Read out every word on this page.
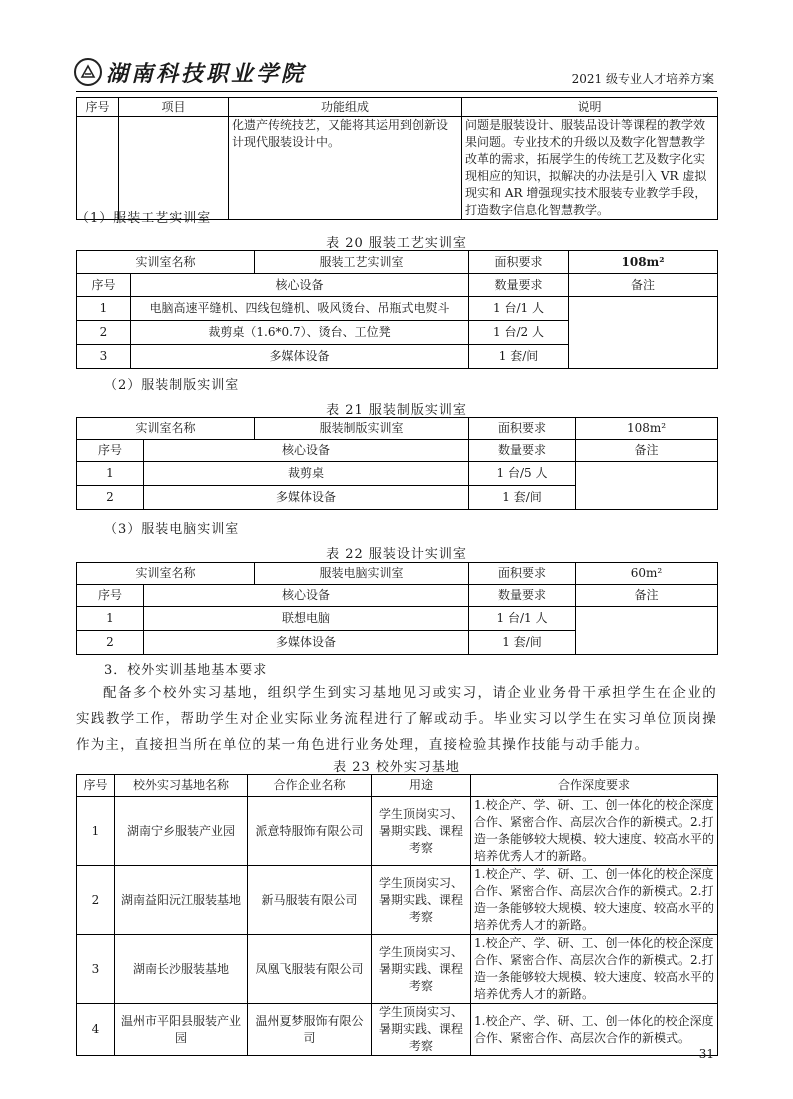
湖南科技职业学院	2021 级专业人才培养方案
序号	项目	功能组成	说明
		化遗产传统技艺，又能将其运用到创新设计现代服装设计中。	问题是服装设计、服装品设计等课程的教学效果问题。专业技术的升级以及数字化智慧教学改革的需求，拓展学生的传统工艺及数字化实现相应的知识，拟解决的办法是引入 VR 虚拟现实和 AR 增强现实技术服装专业教学手段，打造数字信息化智慧教学。
（1）服装工艺实训室
表 20 服装工艺实训室
实训室名称		服装工艺实训室	面积要求	108m²
序号	核心设备		数量要求	备注
1	电脑高速平缝机、四线包缝机、吸风烫台、吊瓶式电熨斗		1 台/1 人	
2	裁剪桌（1.6*0.7）、烫台、工位凳		1 台/2 人	
3	多媒体设备		1 套/间	
（2）服装制版实训室
表 21 服装制版实训室
实训室名称		服装制版实训室	面积要求	108m²
序号	核心设备		数量要求	备注
1	裁剪桌		1 台/5 人	
2	多媒体设备		1 套/间	
（3）服装电脑实训室
表 22 服装设计实训室
实训室名称		服装电脑实训室	面积要求	60m²
序号	核心设备		数量要求	备注
1	联想电脑		1 台/1 人	
2	多媒体设备		1 套/间	
3．校外实训基地基本要求
配备多个校外实习基地，组织学生到实习基地见习或实习，请企业业务骨干承担学生在企业的实践教学工作，帮助学生对企业实际业务流程进行了解或动手。毕业实习以学生在实习单位顶岗操作为主，直接担当所在单位的某一角色进行业务处理，直接检验其操作技能与动手能力。
表 23 校外实习基地
序号	校外实习基地名称	合作企业名称	用途	合作深度要求
1	湖南宁乡服装产业园	派意特服饰有限公司	学生顶岗实习、暑期实践、课程考察	1.校企产、学、研、工、创一体化的校企深度合作、紧密合作、高层次合作的新模式。2.打造一条能够较大规模、较大速度、较高水平的培养优秀人才的新路。
2	湖南益阳沅江服装基地	新马服装有限公司	学生顶岗实习、暑期实践、课程考察	1.校企产、学、研、工、创一体化的校企深度合作、紧密合作、高层次合作的新模式。2.打造一条能够较大规模、较大速度、较高水平的培养优秀人才的新路。
3	湖南长沙服装基地	凤凰飞服装有限公司	学生顶岗实习、暑期实践、课程考察	1.校企产、学、研、工、创一体化的校企深度合作、紧密合作、高层次合作的新模式。2.打造一条能够较大规模、较大速度、较高水平的培养优秀人才的新路。
4	温州市平阳县服装产业园	温州夏梦服饰有限公司	学生顶岗实习、暑期实践、课程考察	1.校企产、学、研、工、创一体化的校企深度合作、紧密合作、高层次合作的新模式。
31
